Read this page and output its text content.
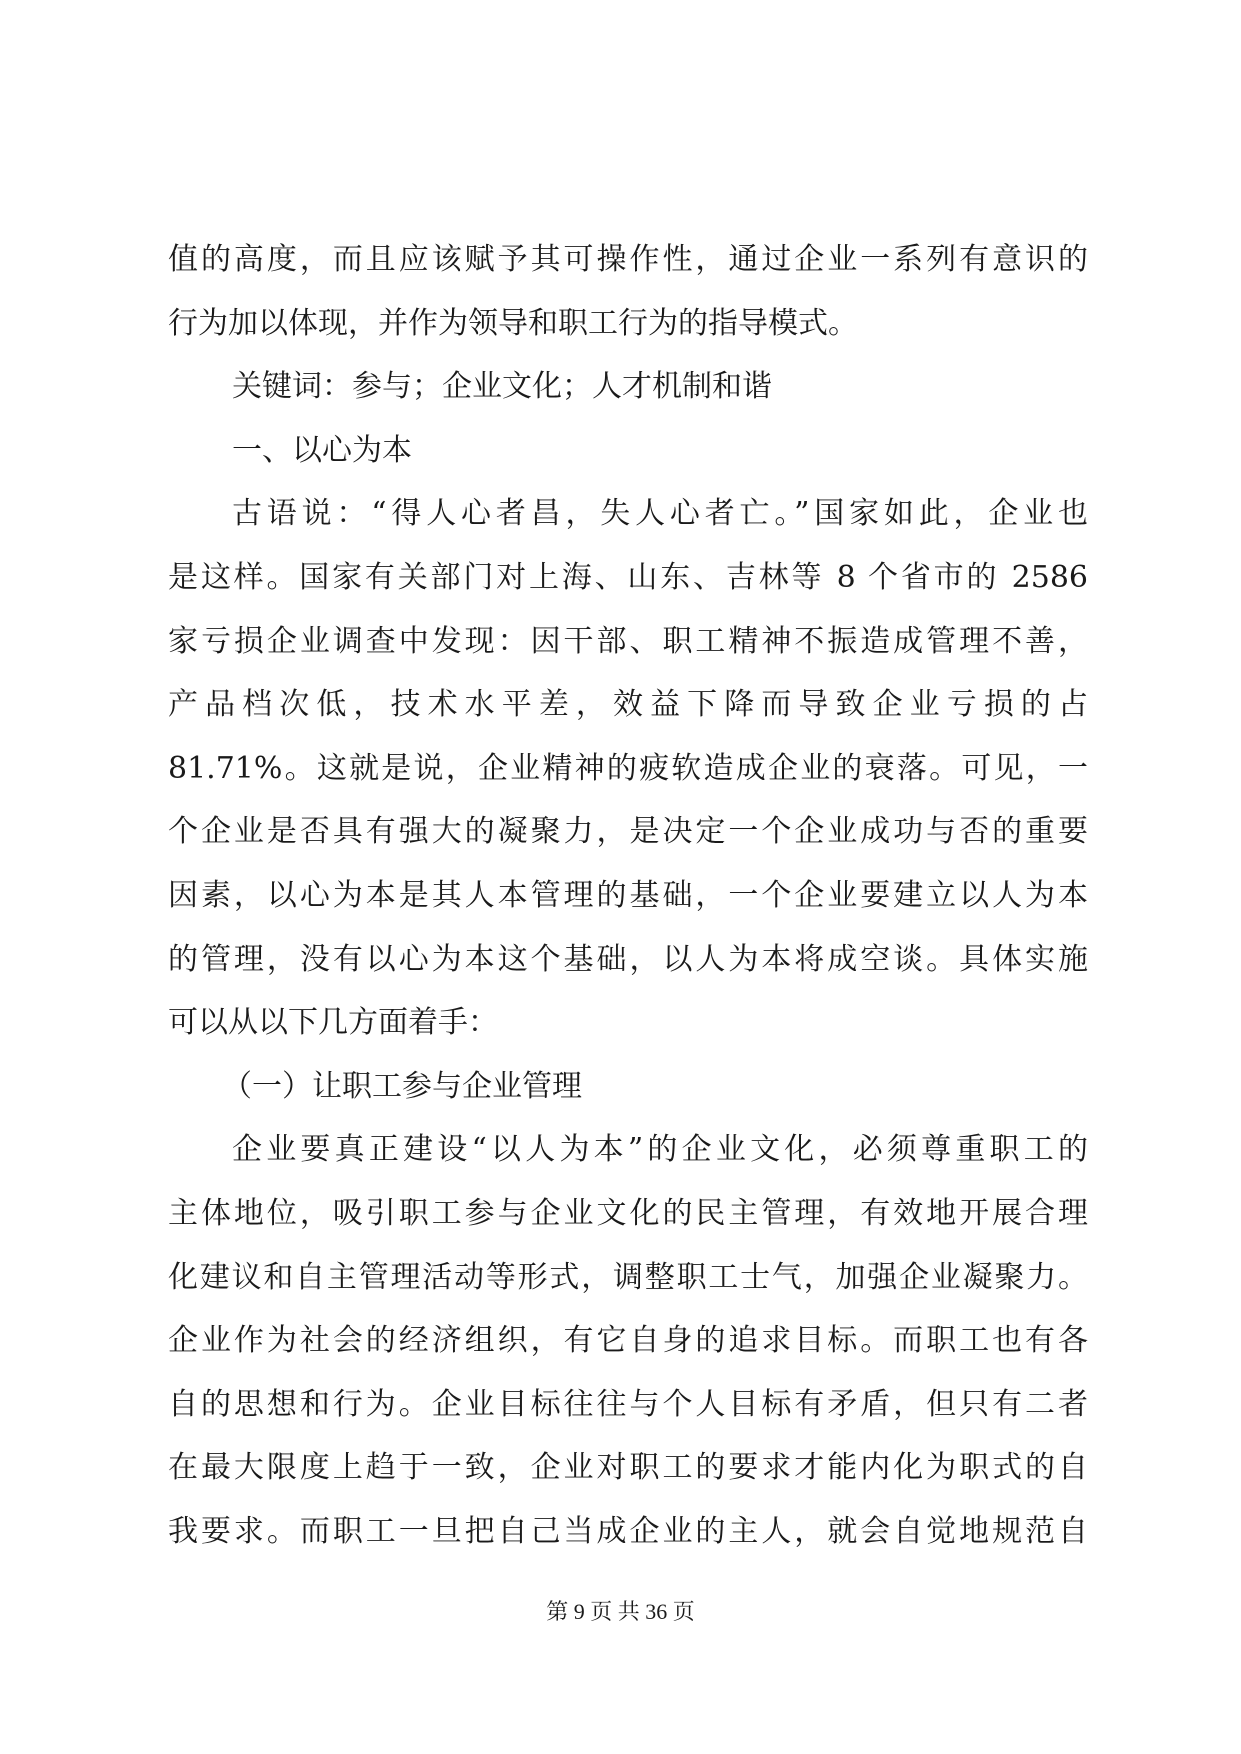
值的高度，而且应该赋予其可操作性，通过企业一系列有意识的
行为加以体现，并作为领导和职工行为的指导模式。
关键词：参与；企业文化；人才机制和谐
一、以心为本
古语说：“得人心者昌，失人心者亡。”国家如此，企业也
是这样。国家有关部门对上海、山东、吉林等 8 个省市的 2586
家亏损企业调查中发现：因干部、职工精神不振造成管理不善，
产品档次低，技术水平差，效益下降而导致企业亏损的占
81.71%。这就是说，企业精神的疲软造成企业的衰落。可见，一
个企业是否具有强大的凝聚力，是决定一个企业成功与否的重要
因素，以心为本是其人本管理的基础，一个企业要建立以人为本
的管理，没有以心为本这个基础，以人为本将成空谈。具体实施
可以从以下几方面着手：
（一）让职工参与企业管理
企业要真正建设“以人为本”的企业文化，必须尊重职工的
主体地位，吸引职工参与企业文化的民主管理，有效地开展合理
化建议和自主管理活动等形式，调整职工士气，加强企业凝聚力。
企业作为社会的经济组织，有它自身的追求目标。而职工也有各
自的思想和行为。企业目标往往与个人目标有矛盾，但只有二者
在最大限度上趋于一致，企业对职工的要求才能内化为职式的自
我要求。而职工一旦把自己当成企业的主人，就会自觉地规范自
第 9 页 共 36 页
